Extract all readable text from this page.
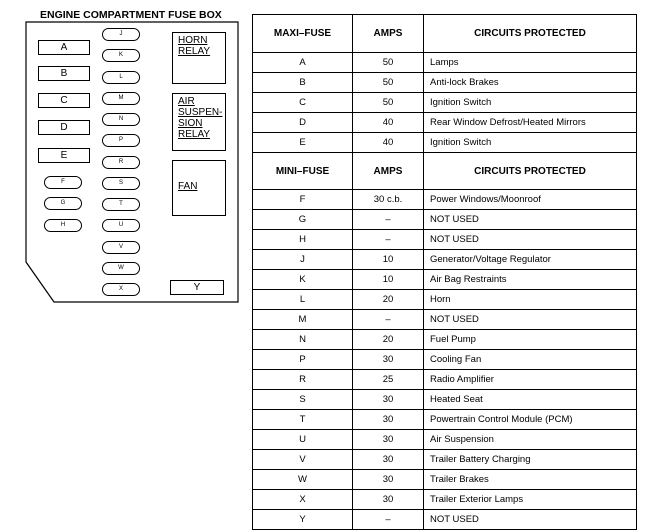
ENGINE COMPARTMENT FUSE BOX
A
B
C
D
E
F
G
H
J
K
L
M
N
P
R
S
T
U
V
W
X
HORN
RELAY
AIR
SUSPEN-
SION
RELAY
FAN
Y
MAXI–FUSE	AMPS	CIRCUITS PROTECTED
A	50	Lamps
B	50	Anti-lock Brakes
C	50	Ignition Switch
D	40	Rear Window Defrost/Heated Mirrors
E	40	Ignition Switch
MINI–FUSE	AMPS	CIRCUITS PROTECTED
F	30 c.b.	Power Windows/Moonroof
G	–	NOT USED
H	–	NOT USED
J	10	Generator/Voltage Regulator
K	10	Air Bag Restraints
L	20	Horn
M	–	NOT USED
N	20	Fuel Pump
P	30	Cooling Fan
R	25	Radio Amplifier
S	30	Heated Seat
T	30	Powertrain Control Module (PCM)
U	30	Air Suspension
V	30	Trailer Battery Charging
W	30	Trailer Brakes
X	30	Trailer Exterior Lamps
Y	–	NOT USED
